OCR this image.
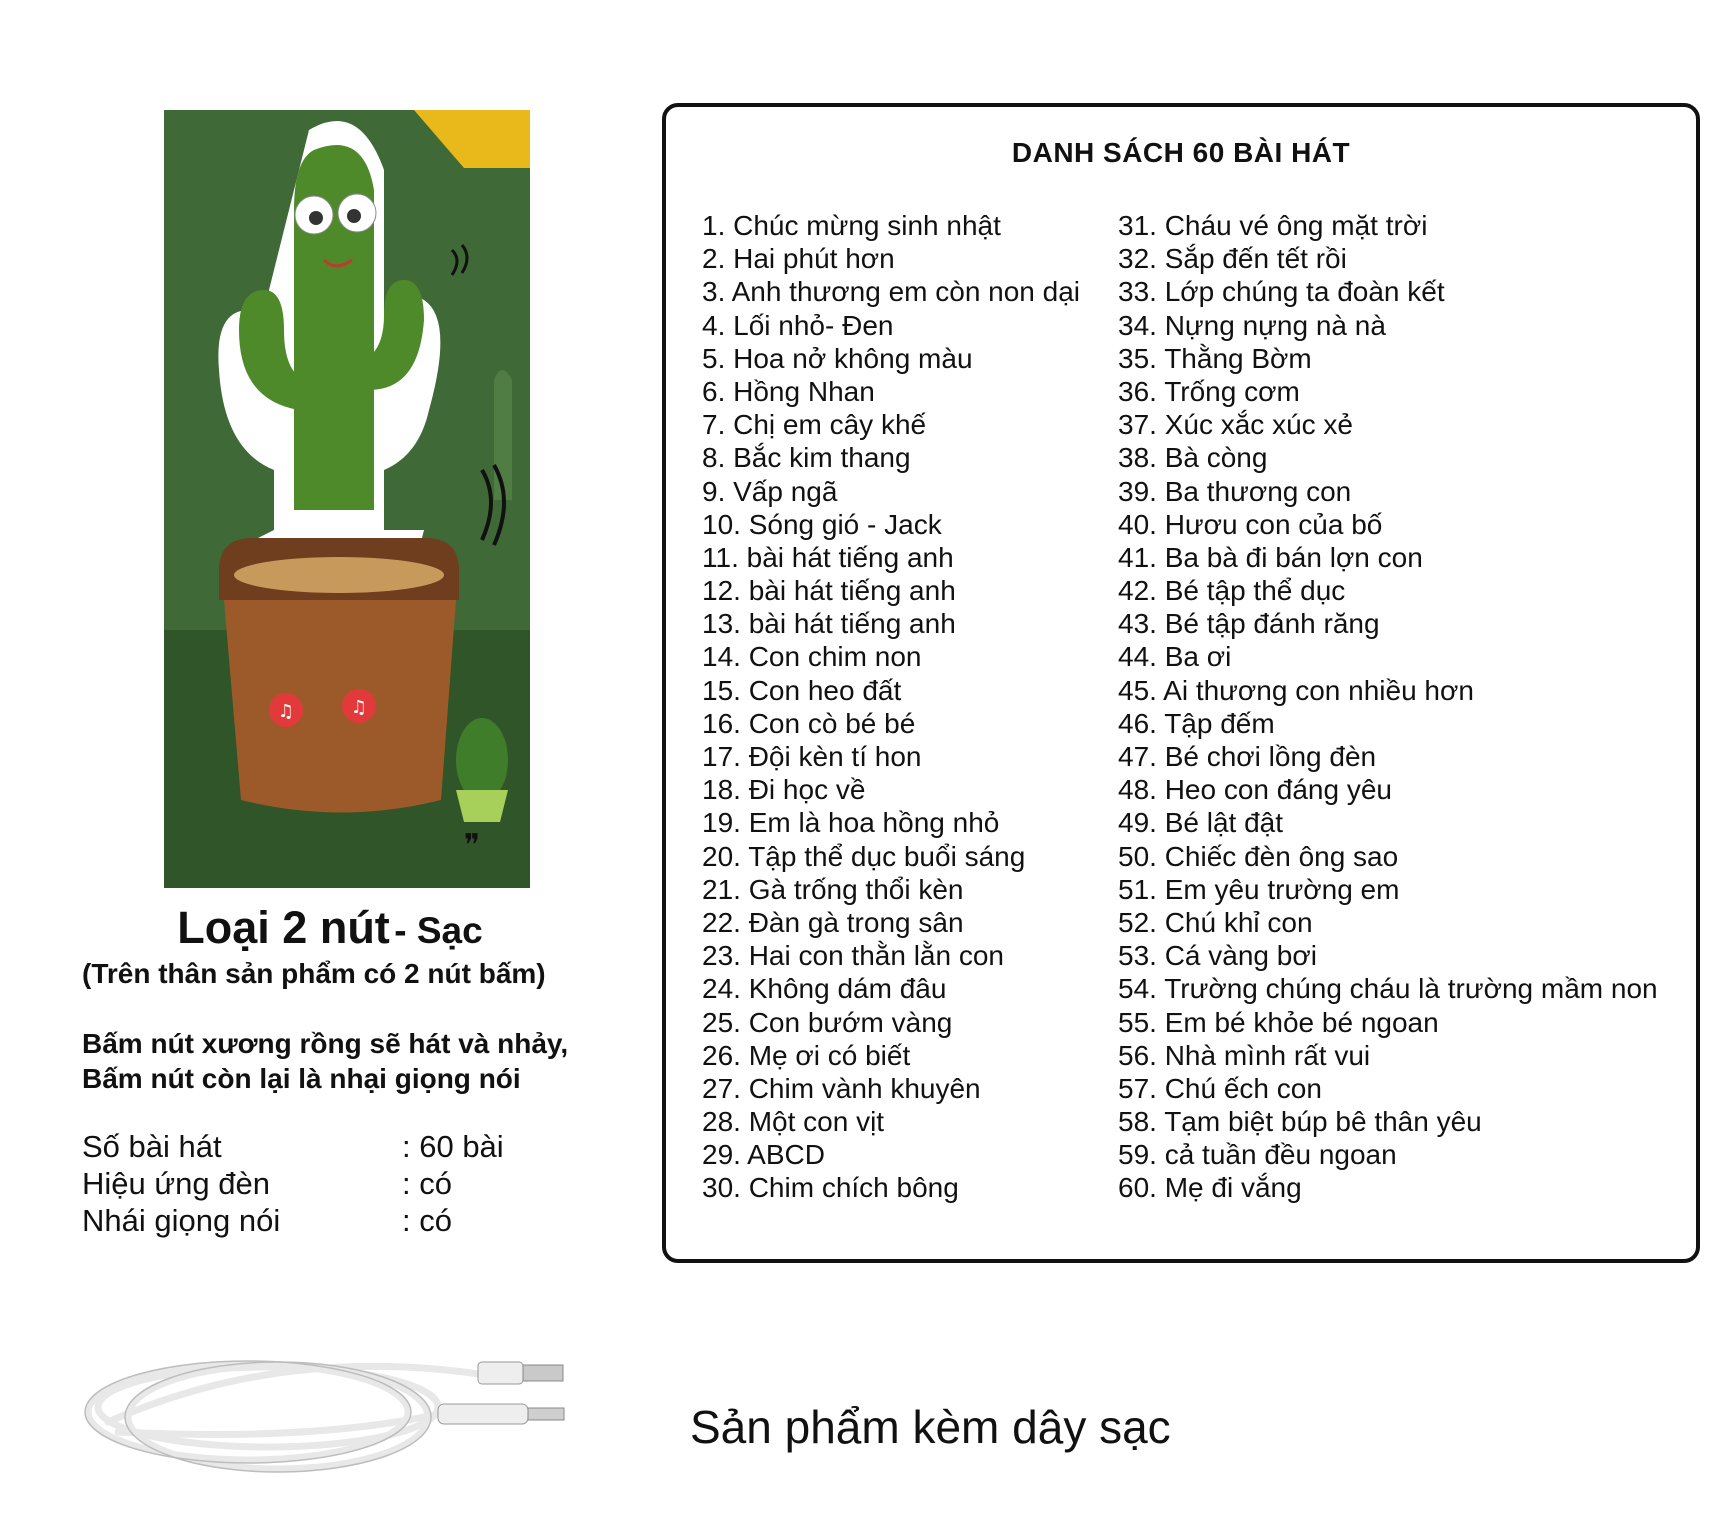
♫	♫
❞
Loại 2 nút - Sạc
(Trên thân sản phẩm có 2 nút bấm)
Bấm nút xương rồng sẽ hát và nhảy,
Bấm nút còn lại là nhại giọng nói
Số bài hát	: 60 bài
Hiệu ứng đèn	: có
Nhái giọng nói	: có
DANH SÁCH 60 BÀI HÁT
1. Chúc mừng sinh nhật
2. Hai phút hơn
3. Anh thương em còn non dại
4. Lối nhỏ- Đen
5. Hoa nở không màu
6. Hồng Nhan
7. Chị em cây khế
8. Bắc kim thang
9. Vấp ngã
10. Sóng gió - Jack
11. bài hát tiếng anh
12. bài hát tiếng anh
13. bài hát tiếng anh
14. Con chim non
15. Con heo đất
16. Con cò bé bé
17. Đội kèn tí hon
18. Đi học về
19. Em là hoa hồng nhỏ
20. Tập thể dục buổi sáng
21. Gà trống thổi kèn
22. Đàn gà trong sân
23. Hai con thằn lằn con
24. Không dám đâu
25. Con bướm vàng
26. Mẹ ơi có biết
27. Chim vành khuyên
28. Một con vịt
29. ABCD
30. Chim chích bông
31. Cháu vé ông mặt trời
32. Sắp đến tết rồi
33. Lớp chúng ta đoàn kết
34. Nựng nựng nà nà
35. Thằng Bờm
36. Trống cơm
37. Xúc xắc xúc xẻ
38. Bà còng
39. Ba thương con
40. Hươu con của bố
41. Ba bà đi bán lợn con
42. Bé tập thể dục
43. Bé tập đánh răng
44. Ba ơi
45. Ai thương con nhiều hơn
46. Tập đếm
47. Bé chơi lồng đèn
48. Heo con đáng yêu
49. Bé lật đật
50. Chiếc đèn ông sao
51. Em yêu trường em
52. Chú khỉ con
53. Cá vàng bơi
54. Trường chúng cháu là trường mầm non
55. Em bé khỏe bé ngoan
56. Nhà mình rất vui
57. Chú ếch con
58. Tạm biệt búp bê thân yêu
59. cả tuần đều ngoan
60. Mẹ đi vắng
Sản phẩm kèm dây sạc
